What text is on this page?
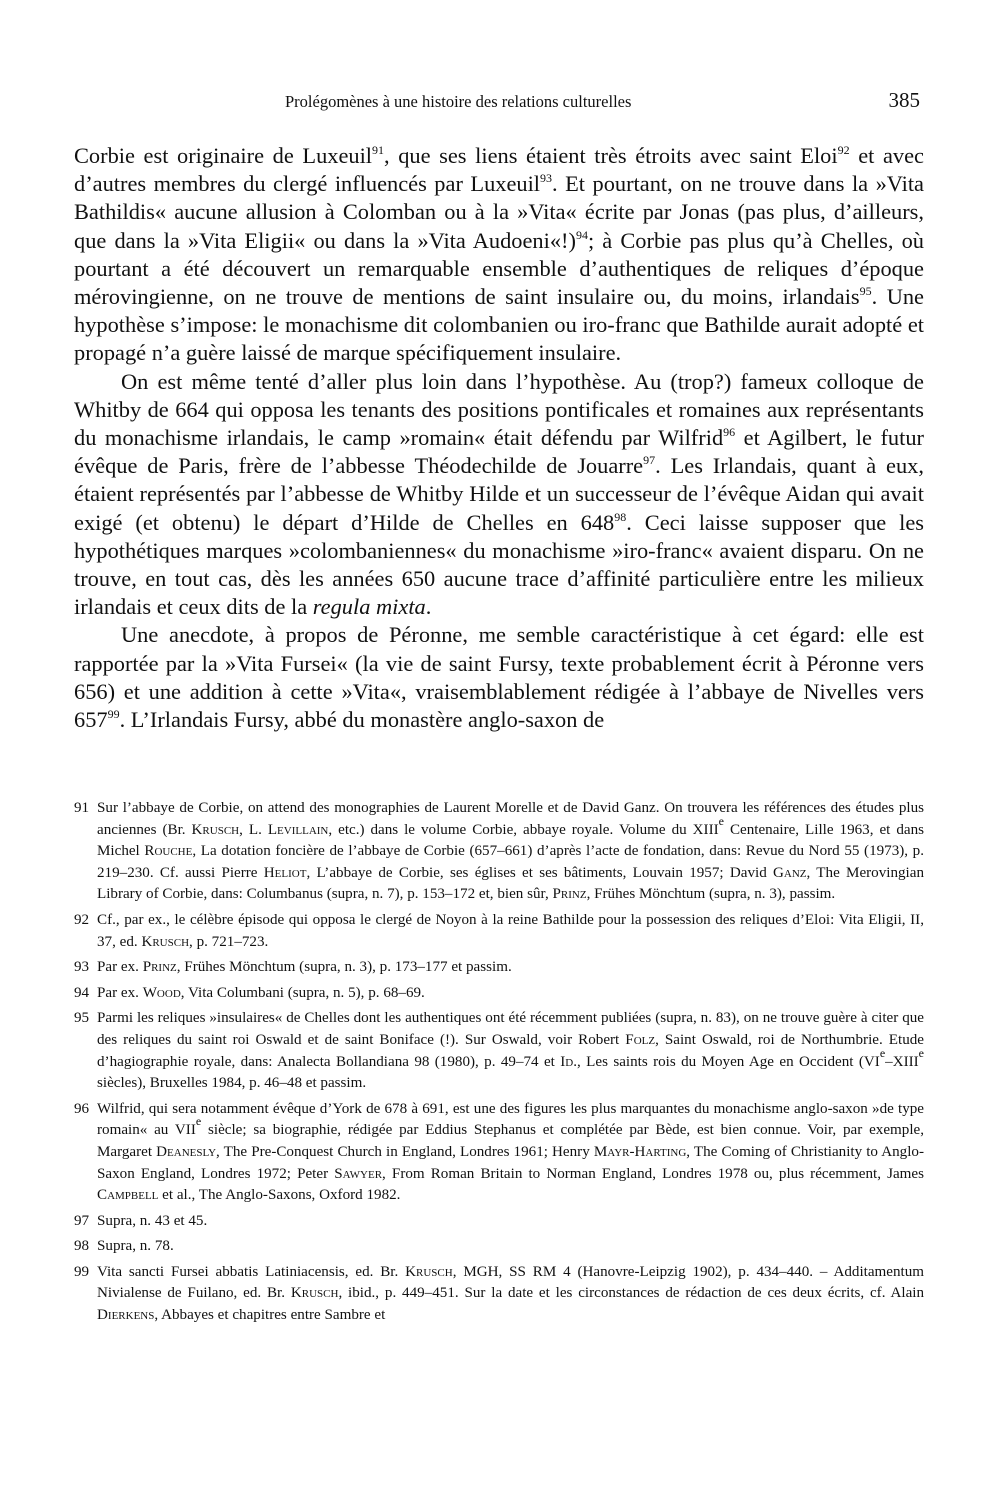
Prolégomènes à une histoire des relations culturelles	385

Corbie est originaire de Luxeuil$^{91}$, que ses liens étaient très étroits avec saint Eloi$^{92}$ et avec d’autres membres du clergé influencés par Luxeuil$^{93}$. Et pourtant, on ne trouve dans la »Vita Bathildis« aucune allusion à Colomban ou à la »Vita« écrite par Jonas (pas plus, d’ailleurs, que dans la »Vita Eligii« ou dans la »Vita Audoeni«!)$^{94}$; à Corbie pas plus qu’à Chelles, où pourtant a été découvert un remarquable ensemble d’authentiques de reliques d’époque mérovingienne, on ne trouve de mentions de saint insulaire ou, du moins, irlandais$^{95}$. Une hypothèse s’impose: le monachisme dit colombanien ou iro-franc que Bathilde aurait adopté et propagé n’a guère laissé de marque spécifiquement insulaire.

On est même tenté d’aller plus loin dans l’hypothèse. Au (trop?) fameux colloque de Whitby de 664 qui opposa les tenants des positions pontificales et romaines aux représentants du monachisme irlandais, le camp »romain« était défendu par Wilfrid$^{96}$ et Agilbert, le futur évêque de Paris, frère de l’abbesse Théodechilde de Jouarre$^{97}$. Les Irlandais, quant à eux, étaient représentés par l’abbesse de Whitby Hilde et un successeur de l’évêque Aidan qui avait exigé (et obtenu) le départ d’Hilde de Chelles en $648^{98}$. Ceci laisse supposer que les hypothétiques marques »colombaniennes« du monachisme »iro-franc« avaient disparu. On ne trouve, en tout cas, dès les années 650 aucune trace d’affinité particulière entre les milieux irlandais et ceux dits de la regula mixta.

Une anecdote, à propos de Péronne, me semble caractéristique à cet égard: elle est rapportée par la »Vita Fursei« (la vie de saint Fursy, texte probablement écrit à Péronne vers 656) et une addition à cette »Vita«, vraisemblablement rédigée à l’abbaye de Nivelles vers $657^{99}$. L’Irlandais Fursy, abbé du monastère anglo-saxon de

91 Sur l’abbaye de Corbie, on attend des monographies de Laurent Morelle et de David Ganz. On trouvera les références des études plus anciennes (Br. Krusch, L. Levillain, etc.) dans le volume Corbie, abbaye royale. Volume du XIIIe Centenaire, Lille 1963, et dans Michel Rouche, La dotation foncière de l’abbaye de Corbie (657–661) d’après l’acte de fondation, dans: Revue du Nord 55 (1973), p. 219–230. Cf. aussi Pierre Heliot, L’abbaye de Corbie, ses églises et ses bâtiments, Louvain 1957; David Ganz, The Merovingian Library of Corbie, dans: Columbanus (supra, n. 7), p. 153–172 et, bien sûr, Prinz, Frühes Mönchtum (supra, n. 3), passim.
92 Cf., par ex., le célèbre épisode qui opposa le clergé de Noyon à la reine Bathilde pour la possession des reliques d’Eloi: Vita Eligii, II, 37, ed. Krusch, p. 721–723.
93 Par ex. Prinz, Frühes Mönchtum (supra, n. 3), p. 173–177 et passim.
94 Par ex. Wood, Vita Columbani (supra, n. 5), p. 68–69.
95 Parmi les reliques »insulaires« de Chelles dont les authentiques ont été récemment publiées (supra, n. 83), on ne trouve guère à citer que des reliques du saint roi Oswald et de saint Boniface (!). Sur Oswald, voir Robert Folz, Saint Oswald, roi de Northumbrie. Etude d’hagiographie royale, dans: Analecta Bollandiana 98 (1980), p. 49–74 et Id., Les saints rois du Moyen Age en Occident (VIe–XIIIe siècles), Bruxelles 1984, p. 46–48 et passim.
96 Wilfrid, qui sera notamment évêque d’York de 678 à 691, est une des figures les plus marquantes du monachisme anglo-saxon »de type romain« au VIIe siècle; sa biographie, rédigée par Eddius Stephanus et complétée par Bède, est bien connue. Voir, par exemple, Margaret Deanesly, The Pre-Conquest Church in England, Londres 1961; Henry Mayr-Harting, The Coming of Christianity to Anglo-Saxon England, Londres 1972; Peter Sawyer, From Roman Britain to Norman England, Londres 1978 ou, plus récemment, James Campbell et al., The Anglo-Saxons, Oxford 1982.
97 Supra, n. 43 et 45.
98 Supra, n. 78.
99 Vita sancti Fursei abbatis Latiniacensis, ed. Br. Krusch, MGH, SS RM 4 (Hanovre-Leipzig 1902), p. 434–440. – Additamentum Nivialense de Fuilano, ed. Br. Krusch, ibid., p. 449–451. Sur la date et les circonstances de rédaction de ces deux écrits, cf. Alain Dierkens, Abbayes et chapitres entre Sambre et
